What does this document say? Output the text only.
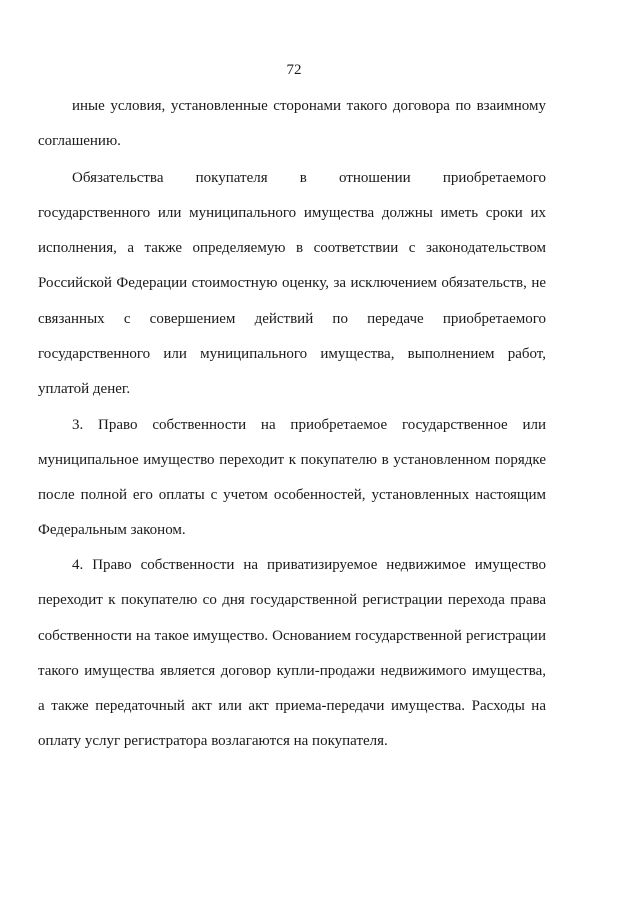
72
иные условия, установленные сторонами такого договора по взаимному
соглашению.
Обязательства покупателя в отношении приобретаемого
государственного или муниципального имущества должны иметь сроки их
исполнения, а также определяемую в соответствии с законодательством
Российской Федерации стоимостную оценку, за исключением обязательств, не
связанных с совершением действий по передаче приобретаемого
государственного или муниципального имущества, выполнением работ,
уплатой денег.
3. Право собственности на приобретаемое государственное или
муниципальное имущество переходит к покупателю в установленном порядке
после полной его оплаты с учетом особенностей, установленных настоящим
Федеральным законом.
4. Право собственности на приватизируемое недвижимое имущество
переходит к покупателю со дня государственной регистрации перехода права
собственности на такое имущество. Основанием государственной регистрации
такого имущества является договор купли-продажи недвижимого имущества,
а также передаточный акт или акт приема-передачи имущества. Расходы на
оплату услуг регистратора возлагаются на покупателя.
